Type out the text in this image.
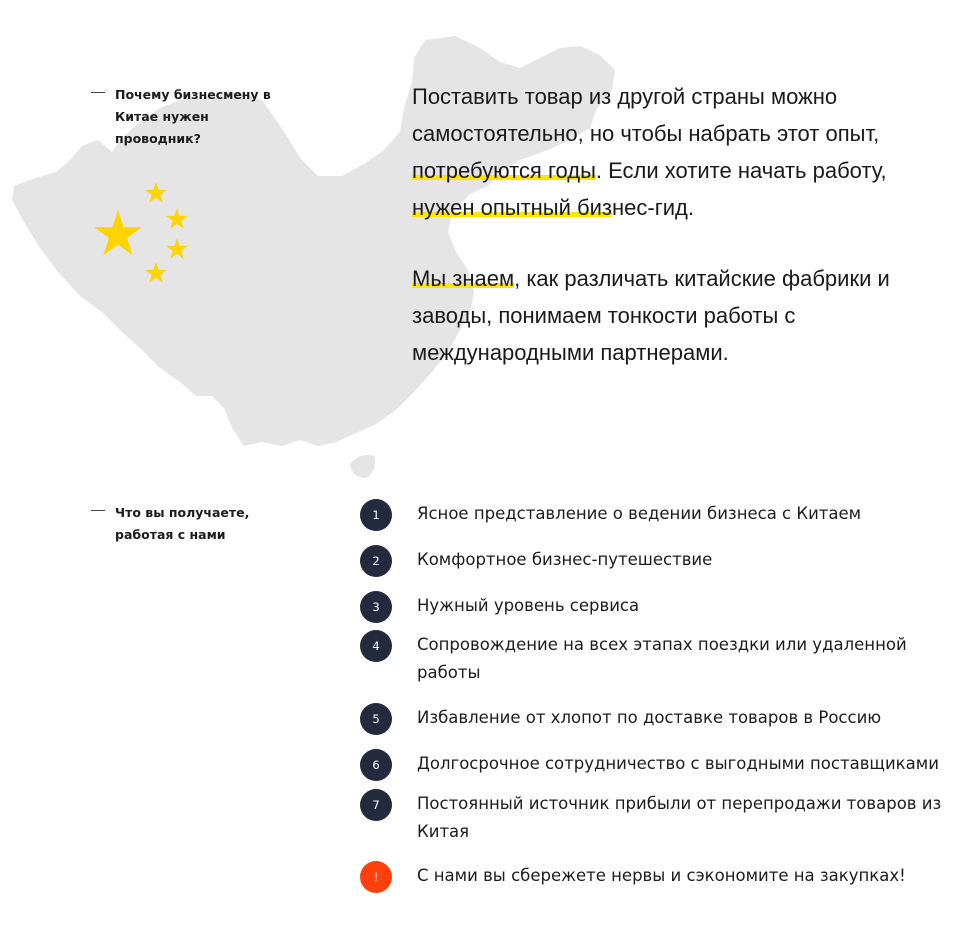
Почему бизнесмену в Китае нужен проводник?

Поставить товар из другой страны можно самостоятельно, но чтобы набрать этот опыт, потребуются годы. Если хотите начать работу, нужен опытный бизнес-гид.

Мы знаем, как различать китайские фабрики и заводы, понимаем тонкости работы с международными партнерами.

Что вы получаете, работая с нами
1	Ясное представление о ведении бизнеса с Китаем
2	Комфортное бизнес-путешествие
3	Нужный уровень сервиса
4	Сопровождение на всех этапах поездки или удаленной работы
5	Избавление от хлопот по доставке товаров в Россию
6	Долгосрочное сотрудничество с выгодными поставщиками
7	Постоянный источник прибыли от перепродажи товаров из Китая
!	С нами вы сбережете нервы и сэкономите на закупках!
